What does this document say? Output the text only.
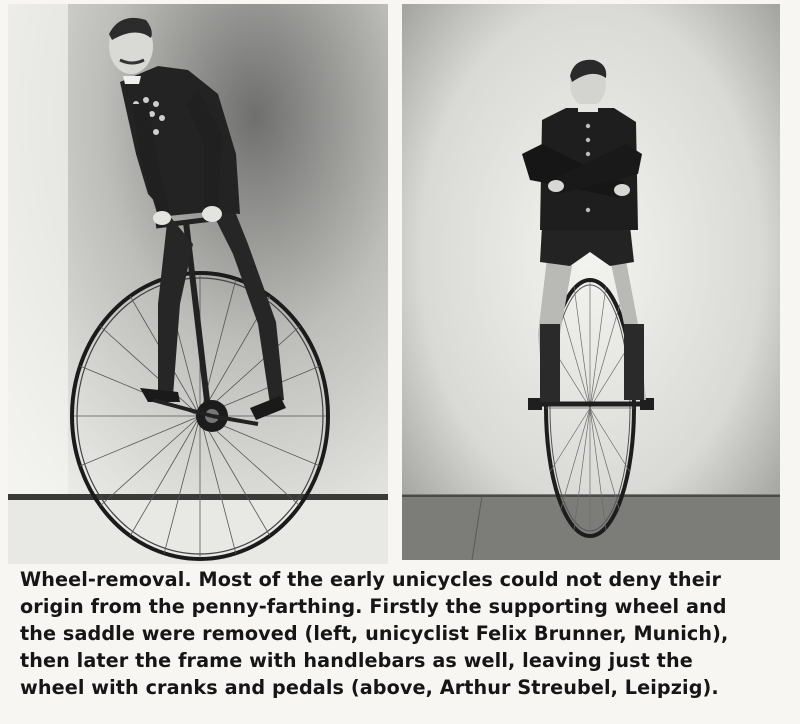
Wheel-removal. Most of the early unicycles could not deny their
origin from the penny-farthing. Firstly the supporting wheel and
the saddle were removed (left, unicyclist Felix Brunner, Munich),
then later the frame with handlebars as well, leaving just the
wheel with cranks and pedals (above, Arthur Streubel, Leipzig).
